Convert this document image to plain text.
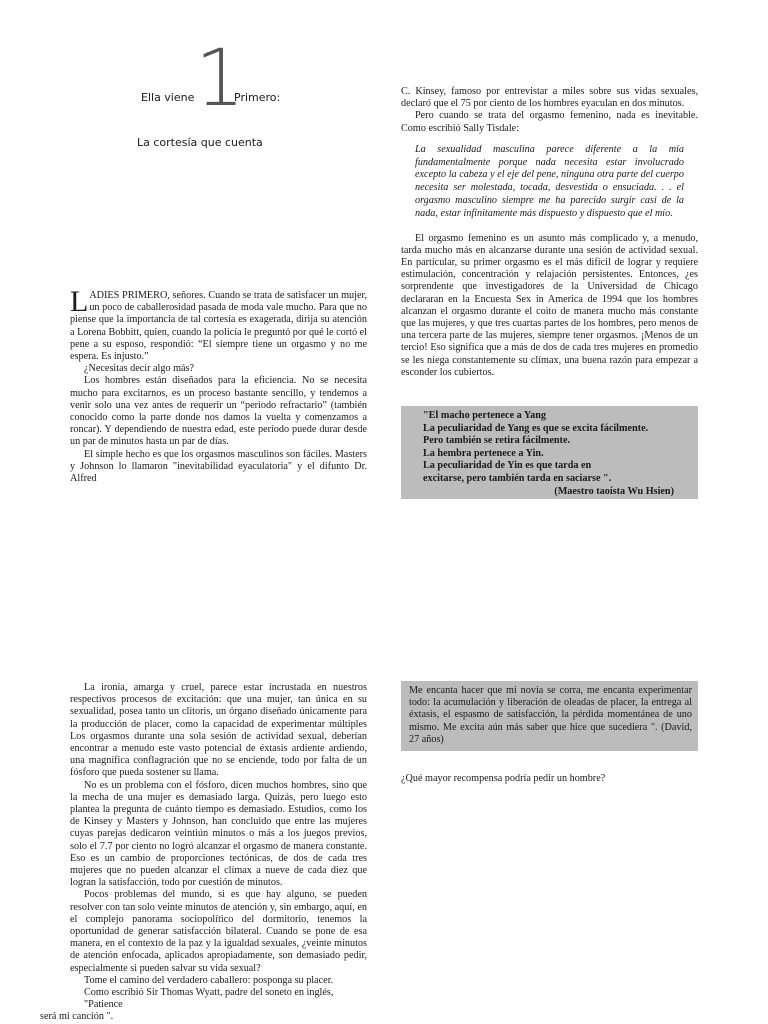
1
Ella viene	Primero:
La cortesía que cuenta

LADIES PRIMERO, señores. Cuando se trata de satisfacer un mujer, un poco de caballerosidad pasada de moda vale mucho. Para que no piense que la importancia de tal cortesía es exagerada, dirija su atención a Lorena Bobbitt, quien, cuando la policía le preguntó por qué le cortó el pene a su esposo, respondió: “El siempre tiene un orgasmo y no me espera. Es injusto.”

¿Necesitas decir algo más?

Los hombres están diseñados para la eficiencia. No se necesita mucho para excitarnos, es un proceso bastante sencillo, y tendemos a venir solo una vez antes de requerir un “periodo refractario” (también conocido como la parte donde nos damos la vuelta y comenzamos a roncar). Y dependiendo de nuestra edad, este período puede durar desde un par de minutos hasta un par de días.

El simple hecho es que los orgasmos masculinos son fáciles. Masters y Johnson lo llamaron "inevitabilidad eyaculatoria" y el difunto Dr. Alfred

C. Kinsey, famoso por entrevistar a miles sobre sus vidas sexuales, declaró que el 75 por ciento de los hombres eyaculan en dos minutos.

Pero cuando se trata del orgasmo femenino, nada es inevitable. Como escribió Sally Tisdale:

La sexualidad masculina parece diferente a la mía fundamentalmente porque nada necesita estar involucrado excepto la cabeza y el eje del pene, ninguna otra parte del cuerpo necesita ser molestada, tocada, desvestida o ensuciada. . . el orgasmo masculino siempre me ha parecido surgir casi de la nada, estar infinitamente más dispuesto y dispuesto que el mío.

El orgasmo femenino es un asunto más complicado y, a menudo, tarda mucho más en alcanzarse durante una sesión de actividad sexual. En particular, su primer orgasmo es el más difícil de lograr y requiere estimulación, concentración y relajación persistentes. Entonces, ¿es sorprendente que investigadores de la Universidad de Chicago declararan en la Encuesta Sex in America de 1994 que los hombres alcanzan el orgasmo durante el coito de manera mucho más constante que las mujeres, y que tres cuartas partes de los hombres, pero menos de una tercera parte de las mujeres, siempre tener orgasmos. ¡Menos de un tercio! Eso significa que a más de dos de cada tres mujeres en promedio se les niega constantemente su clímax, una buena razón para empezar a esconder los cubiertos.

"El macho pertenece a Yang
La peculiaridad de Yang es que se excita fácilmente.
Pero también se retira fácilmente.
La hembra pertenece a Yin.
La peculiaridad de Yin es que tarda en
excitarse, pero también tarda en saciarse ".
(Maestro taoísta Wu Hsien)

La ironía, amarga y cruel, parece estar incrustada en nuestros respectivos procesos de excitación: que una mujer, tan única en su sexualidad, posea tanto un clítoris, un órgano diseñado únicamente para la producción de placer, como la capacidad de experimentar múltiples Los orgasmos durante una sola sesión de actividad sexual, deberían encontrar a menudo este vasto potencial de éxtasis ardiente ardiendo, una magnífica conflagración que no se enciende, todo por falta de un fósforo que pueda sostener su llama.

No es un problema con el fósforo, dicen muchos hombres, sino que la mecha de una mujer es demasiado larga. Quizás, pero luego esto plantea la pregunta de cuánto tiempo es demasiado. Estudios, como los de Kinsey y Masters y Johnson, han concluido que entre las mujeres cuyas parejas dedicaron veintiún minutos o más a los juegos previos, solo el 7.7 por ciento no logró alcanzar el orgasmo de manera constante. Eso es un cambio de proporciones tectónicas, de dos de cada tres mujeres que no pueden alcanzar el clímax a nueve de cada diez que logran la satisfacción, todo por cuestión de minutos.

Pocos problemas del mundo, si es que hay alguno, se pueden resolver con tan solo veinte minutos de atención y, sin embargo, aquí, en el complejo panorama sociopolítico del dormitorio, tenemos la oportunidad de generar satisfacción bilateral. Cuando se pone de esa manera, en el contexto de la paz y la igualdad sexuales, ¿veinte minutos de atención enfocada, aplicados apropiadamente, son demasiado pedir, especialmente si pueden salvar su vida sexual?

Tome el camino del verdadero caballero: posponga su placer.

Como escribió Sir Thomas Wyatt, padre del soneto en inglés,

"Patience

será mi canción ".

Me encanta hacer que mi novia se corra, me encanta experimentar todo: la acumulación y liberación de oleadas de placer, la entrega al éxtasis, el espasmo de satisfacción, la pérdida momentánea de uno mismo. Me excita aún más saber que hice que sucediera ". (David, 27 años)

¿Qué mayor recompensa podría pedir un hombre?
